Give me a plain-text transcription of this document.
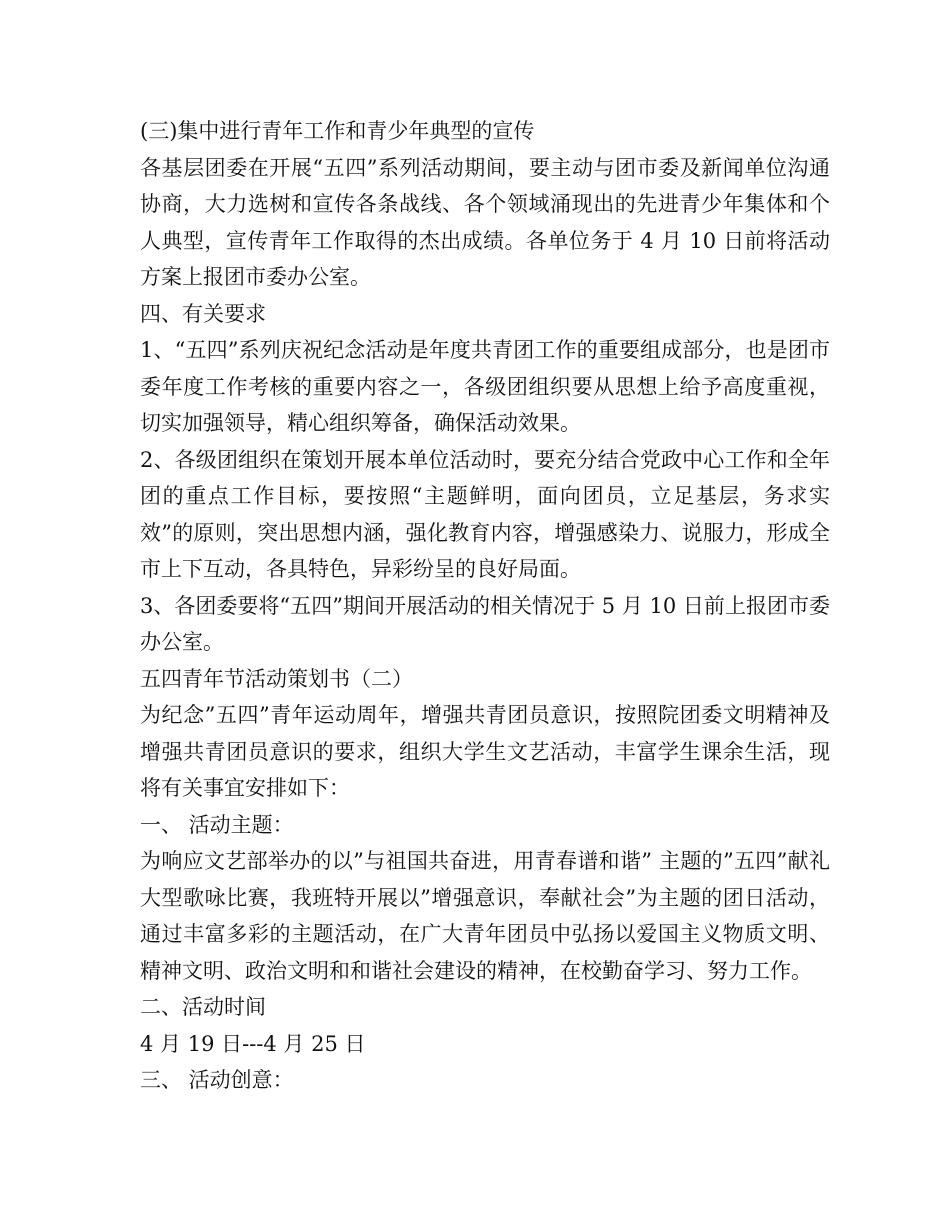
(三)集中进行青年工作和青少年典型的宣传

各基层团委在开展“五四”系列活动期间，要主动与团市委及新闻单位沟通协商，大力选树和宣传各条战线、各个领域涌现出的先进青少年集体和个人典型，宣传青年工作取得的杰出成绩。各单位务于 4 月 10 日前将活动方案上报团市委办公室。

四、有关要求

1、“五四”系列庆祝纪念活动是年度共青团工作的重要组成部分，也是团市委年度工作考核的重要内容之一，各级团组织要从思想上给予高度重视，切实加强领导，精心组织筹备，确保活动效果。

2、各级团组织在策划开展本单位活动时，要充分结合党政中心工作和全年团的重点工作目标，要按照“主题鲜明，面向团员，立足基层，务求实效”的原则，突出思想内涵，强化教育内容，增强感染力、说服力，形成全市上下互动，各具特色，异彩纷呈的良好局面。

3、各团委要将“五四”期间开展活动的相关情况于 5 月 10 日前上报团市委办公室。

五四青年节活动策划书（二）

为纪念”五四”青年运动周年，增强共青团员意识，按照院团委文明精神及增强共青团员意识的要求，组织大学生文艺活动，丰富学生课余生活，现将有关事宜安排如下：

一、 活动主题：

为响应文艺部举办的以”与祖国共奋进，用青春谱和谐” 主题的”五四”献礼大型歌咏比赛，我班特开展以”增强意识，奉献社会”为主题的团日活动，通过丰富多彩的主题活动，在广大青年团员中弘扬以爱国主义物质文明、精神文明、政治文明和和谐社会建设的精神，在校勤奋学习、努力工作。

二、活动时间

4 月 19 日---4 月 25 日

三、 活动创意：
